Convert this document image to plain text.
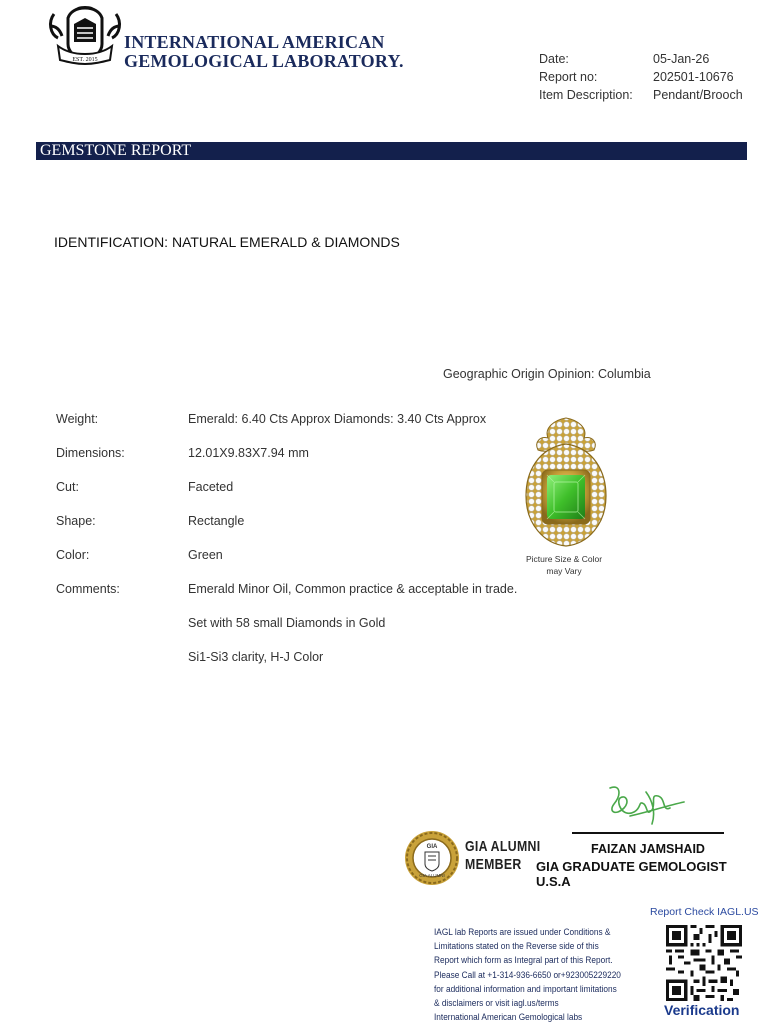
EST. 2015
INTERNATIONAL AMERICAN
GEMOLOGICAL LABORATORY.	Date:	05-Jan-26
Report no:	202501-10676
Item Description:	Pendant/Brooch
GEMSTONE REPORT
IDENTIFICATION: NATURAL EMERALD & DIAMONDS
Geographic Origin Opinion: Columbia
Weight:	Emerald: 6.40 Cts Approx Diamonds: 3.40 Cts Approx
Dimensions:	12.01X9.83X7.94 mm
Cut:	Faceted
Shape:	Rectangle
Color:	Green
Comments:	Emerald Minor Oil, Common practice & acceptable in trade.
Set with 58 small Diamonds in Gold
Si1-Si3 clarity, H-J Color
Picture Size & Color
may Vary
FAIZAN JAMSHAID
GIA GRADUATE GEMOLOGIST U.S.A
GIA
GIA ALUMNI
GIA ALUMNI
MEMBER
Report Check IAGL.US
IAGL lab Reports are issued under Conditions &
Limitations stated on the Reverse side of this
Report which form as Integral part of this Report.
Please Call at +1-314-936-6650 or+923005229220
for additional information and important limitations
& disclaimers or visit iagl.us/terms
International American Gemological labs	Verification
